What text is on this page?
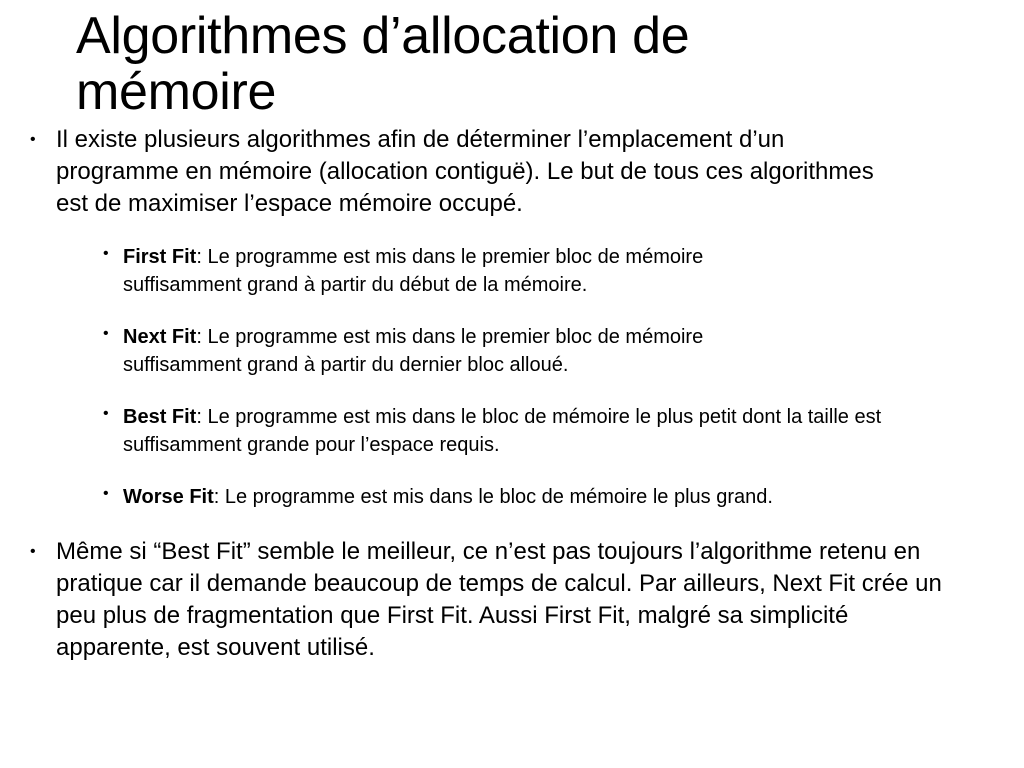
Algorithmes d’allocation de
mémoire
• Il existe plusieurs algorithmes afin de déterminer l’emplacement d’un programme en mémoire (allocation contiguë). Le but de tous ces algorithmes est de maximiser l’espace mémoire occupé.
• First Fit: Le programme est mis dans le premier bloc de mémoire suffisamment grand à partir du début de la mémoire.
• Next Fit: Le programme est mis dans le premier bloc de mémoire suffisamment grand à partir du dernier bloc alloué.
• Best Fit: Le programme est mis dans le bloc de mémoire le plus petit dont la taille est suffisamment grande pour l’espace requis.
• Worse Fit: Le programme est mis dans le bloc de mémoire le plus grand.
• Même si “Best Fit” semble le meilleur, ce n’est pas toujours l’algorithme retenu en pratique car il demande beaucoup de temps de calcul. Par ailleurs, Next Fit crée un peu plus de fragmentation que First Fit. Aussi First Fit, malgré sa simplicité apparente, est souvent utilisé.
